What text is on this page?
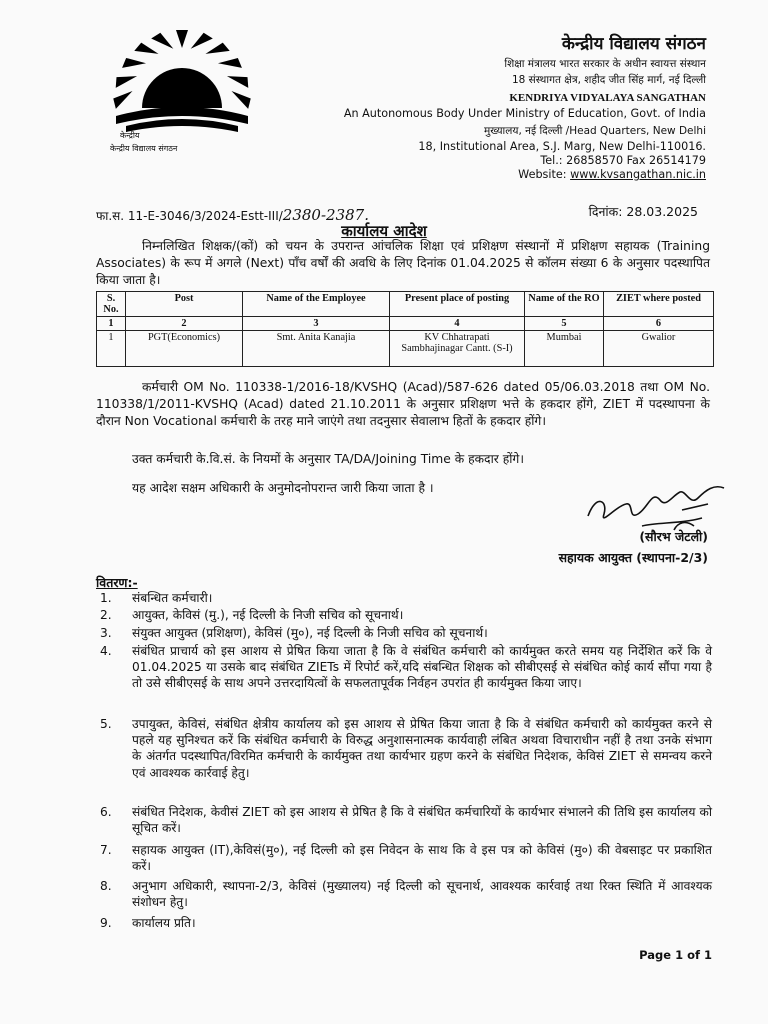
केन्द्रीय
केन्द्रीय विद्यालय संगठन
केन्द्रीय विद्यालय संगठन
शिक्षा मंत्रालय भारत सरकार के अधीन स्वायत्त संस्थान
18 संस्थागत क्षेत्र, शहीद जीत सिंह मार्ग, नई दिल्ली
KENDRIYA VIDYALAYA SANGATHAN
An Autonomous Body Under Ministry of Education, Govt. of India
मुख्यालय, नई दिल्ली /Head Quarters, New Delhi
18, Institutional Area, S.J. Marg, New Delhi-110016.
Tel.: 26858570 Fax 26514179
Website: www.kvsangathan.nic.in
फा.स. 11-E-3046/3/2024-Estt-III/2380-2387.	दिनांक: 28.03.2025
कार्यालय आदेश
निम्नलिखित शिक्षक/(कों) को चयन के उपरान्त आंचलिक शिक्षा एवं प्रशिक्षण संस्थानों में प्रशिक्षण सहायक (Training Associates) के रूप में अगले (Next) पाँच वर्षों की अवधि के लिए दिनांक 01.04.2025 से कॉलम संख्या 6 के अनुसार पदस्थापित किया जाता है।
S. No.	Post	Name of the Employee	Present place of posting	Name of the RO	ZIET where posted
1	2	3	4	5	6
1	PGT(Economics)	Smt. Anita Kanajia	KV Chhatrapati Sambhajinagar Cantt. (S-I)	Mumbai	Gwalior
कर्मचारी OM No. 110338-1/2016-18/KVSHQ (Acad)/587-626 dated 05/06.03.2018 तथा OM No. 110338/1/2011-KVSHQ (Acad) dated 21.10.2011 के अनुसार प्रशिक्षण भत्ते के हकदार होंगे, ZIET में पदस्थापना के दौरान Non Vocational कर्मचारी के तरह माने जाएंगे तथा तदनुसार सेवालाभ हितों के हकदार होंगे।
उक्त कर्मचारी के.वि.सं. के नियमों के अनुसार TA/DA/Joining Time के हकदार होंगे।
यह आदेश सक्षम अधिकारी के अनुमोदनोपरान्त जारी किया जाता है ।
(सौरभ जेटली)
सहायक आयुक्त (स्थापना-2/3)
वितरण:-
1. संबन्धित कर्मचारी।
2. आयुक्त, केविसं (मु.), नई दिल्ली के निजी सचिव को सूचनार्थ।
3. संयुक्त आयुक्त (प्रशिक्षण), केविसं (मु०), नई दिल्ली के निजी सचिव को सूचनार्थ।
4. संबंधित प्राचार्य को इस आशय से प्रेषित किया जाता है कि वे संबंधित कर्मचारी को कार्यमुक्त करते समय यह निर्देशित करें कि वे 01.04.2025 या उसके बाद संबंधित ZIETs में रिपोर्ट करें,यदि संबन्धित शिक्षक को सीबीएसई से संबंधित कोई कार्य सौंपा गया है तो उसे सीबीएसई के साथ अपने उत्तरदायित्वों के सफलतापूर्वक निर्वहन उपरांत ही कार्यमुक्त किया जाए।
5. उपायुक्त, केविसं, संबंधित क्षेत्रीय कार्यालय को इस आशय से प्रेषित किया जाता है कि वे संबंधित कर्मचारी को कार्यमुक्त करने से पहले यह सुनिश्चत करें कि संबंधित कर्मचारी के विरुद्ध अनुशासनात्मक कार्यवाही लंबित अथवा विचाराधीन नहीं है तथा उनके संभाग के अंतर्गत पदस्थापित/विरमित कर्मचारी के कार्यमुक्त तथा कार्यभार ग्रहण करने के संबंधित निदेशक, केविसं ZIET से समन्वय करने एवं आवश्यक कार्रवाई हेतु।
6. संबंधित निदेशक, केवीसं ZIET को इस आशय से प्रेषित है कि वे संबंधित कर्मचारियों के कार्यभार संभालने की तिथि इस कार्यालय को सूचित करें।
7. सहायक आयुक्त (IT),केविसं(मु०), नई दिल्ली को इस निवेदन के साथ कि वे इस पत्र को केविसं (मु०) की वेबसाइट पर प्रकाशित करें।
8. अनुभाग अधिकारी, स्थापना-2/3, केविसं (मुख्यालय) नई दिल्ली को सूचनार्थ, आवश्यक कार्रवाई तथा रिक्त स्थिति में आवश्यक संशोधन हेतु।
9. कार्यालय प्रति।
Page 1 of 1
